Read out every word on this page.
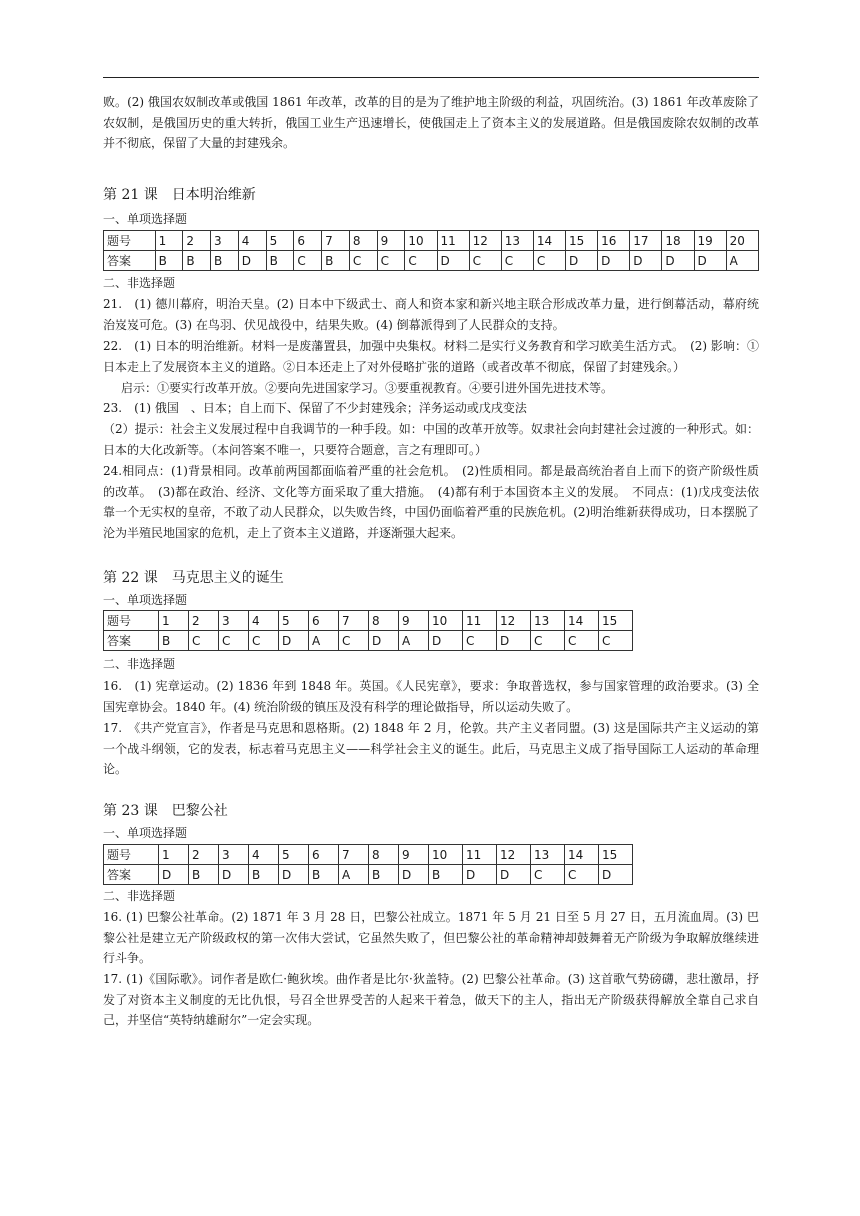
败。(2) 俄国农奴制改革或俄国 1861 年改革，改革的目的是为了维护地主阶级的利益，巩固统治。(3) 1861 年改革废除了农奴制，是俄国历史的重大转折，俄国工业生产迅速增长，使俄国走上了资本主义的发展道路。但是俄国废除农奴制的改革并不彻底，保留了大量的封建残余。

第 21 课　日本明治维新

一、单项选择题

题号	1	2	3	4	5	6	7	8	9	10	11	12	13	14	15	16	17	18	19	20
答案	B	B	B	D	B	C	B	C	C	C	D	C	C	C	D	D	D	D	D	A

二、非选择题

21.　(1) 德川幕府，明治天皇。(2) 日本中下级武士、商人和资本家和新兴地主联合形成改革力量，进行倒幕活动，幕府统治岌岌可危。(3) 在鸟羽、伏见战役中，结果失败。(4) 倒幕派得到了人民群众的支持。

22.　(1) 日本的明治维新。材料一是废藩置县，加强中央集权。材料二是实行义务教育和学习欧美生活方式。　(2) 影响：①日本走上了发展资本主义的道路。②日本还走上了对外侵略扩张的道路（或者改革不彻底，保留了封建残余。）

启示：①要实行改革开放。②要向先进国家学习。③要重视教育。④要引进外国先进技术等。

23.　(1) 俄国　、日本；自上而下、保留了不少封建残余；洋务运动或戊戌变法

（2）提示：社会主义发展过程中自我调节的一种手段。如：中国的改革开放等。奴隶社会向封建社会过渡的一种形式。如：日本的大化改新等。（本问答案不唯一，只要符合题意，言之有理即可。）

24.相同点：(1)背景相同。改革前两国都面临着严重的社会危机。　(2)性质相同。都是最高统治者自上而下的资产阶级性质的改革。　(3)都在政治、经济、文化等方面采取了重大措施。　(4)都有利于本国资本主义的发展。　不同点：(1)戊戌变法依靠一个无实权的皇帝，不敢了动人民群众，以失败告终，中国仍面临着严重的民族危机。(2)明治维新获得成功，日本摆脱了沦为半殖民地国家的危机，走上了资本主义道路，并逐渐强大起来。

第 22 课　马克思主义的诞生

一、单项选择题

题号	1	2	3	4	5	6	7	8	9	10	11	12	13	14	15
答案	B	C	C	C	D	A	C	D	A	D	C	D	C	C	C

二、非选择题

16.　(1) 宪章运动。(2) 1836 年到 1848 年。英国。《人民宪章》，要求：争取普选权，参与国家管理的政治要求。(3) 全国宪章协会。1840 年。(4) 统治阶级的镇压及没有科学的理论做指导，所以运动失败了。

17.　《共产党宣言》，作者是马克思和恩格斯。(2) 1848 年 2 月，伦敦。共产主义者同盟。(3) 这是国际共产主义运动的第一个战斗纲领，它的发表，标志着马克思主义——科学社会主义的诞生。此后，马克思主义成了指导国际工人运动的革命理论。

第 23 课　巴黎公社

一、单项选择题

题号	1	2	3	4	5	6	7	8	9	10	11	12	13	14	15
答案	D	B	D	B	D	B	A	B	D	B	D	D	C	C	D

二、非选择题

16. (1) 巴黎公社革命。(2) 1871 年 3 月 28 日，巴黎公社成立。1871 年 5 月 21 日至 5 月 27 日，五月流血周。(3) 巴黎公社是建立无产阶级政权的第一次伟大尝试，它虽然失败了，但巴黎公社的革命精神却鼓舞着无产阶级为争取解放继续进行斗争。

17. (1)《国际歌》。词作者是欧仁·鲍狄埃。曲作者是比尔·狄盖特。(2) 巴黎公社革命。(3) 这首歌气势磅礴，悲壮激昂，抒发了对资本主义制度的无比仇恨，号召全世界受苦的人起来干着急，做天下的主人，指出无产阶级获得解放全靠自己求自己，并坚信“英特纳雄耐尔”一定会实现。
